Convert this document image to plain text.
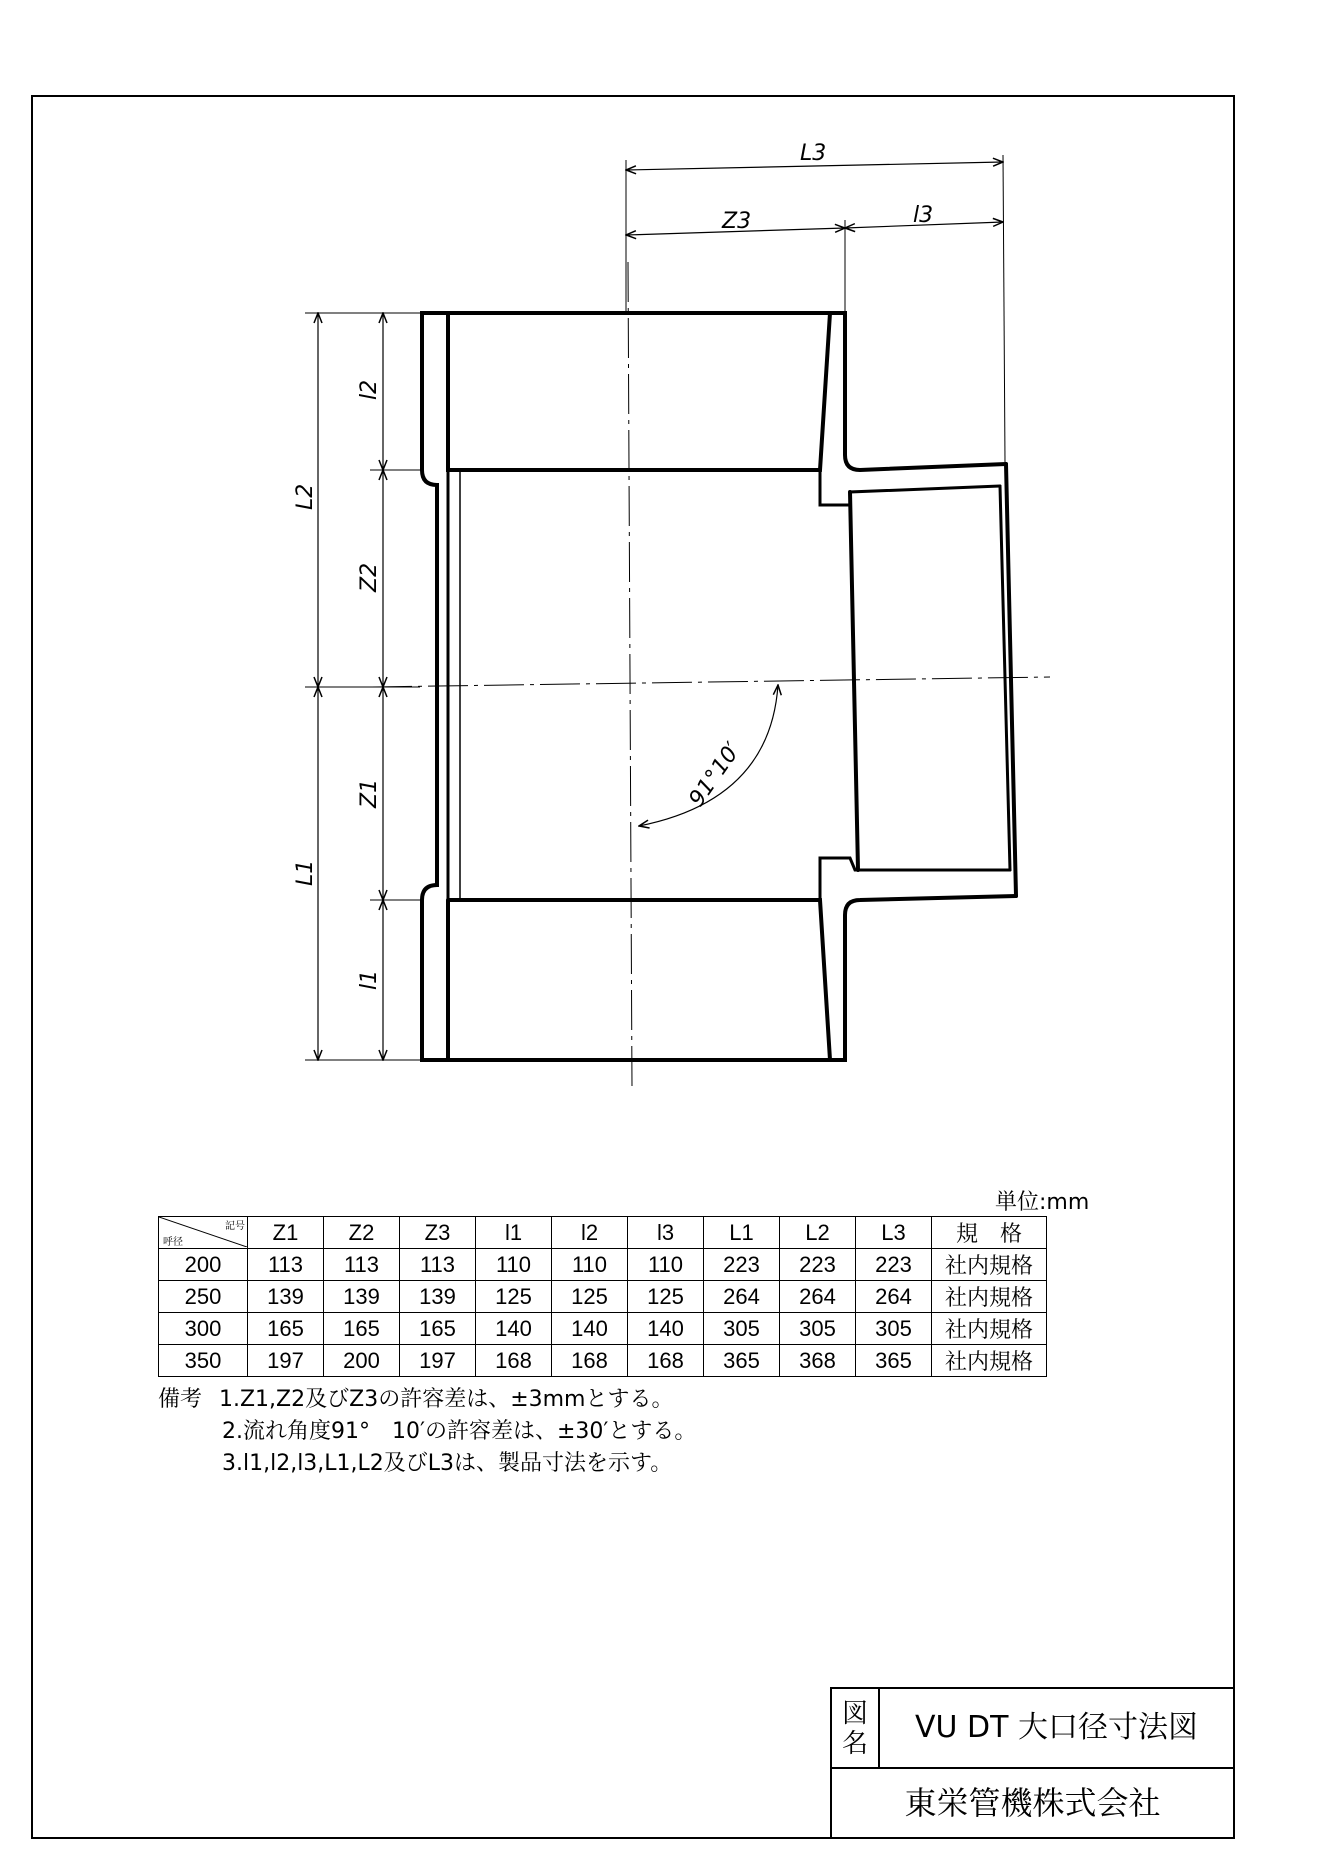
L3
Z3	l3
L2
l2
Z2
L1
Z1
l1
91°10′
単位:mm
記号
呼径	Z1	Z2	Z3	l1	l2	l3	L1	L2	L3	規　格
200	113	113	113	110	110	110	223	223	223	社内規格
250	139	139	139	125	125	125	264	264	264	社内規格
300	165	165	165	140	140	140	305	305	305	社内規格
350	197	200	197	168	168	168	365	368	365	社内規格
備考 1.Z1,Z2及びZ3の許容差は、±3mmとする。
2.流れ角度91°　10′の許容差は、±30′とする。
3.l1,l2,l3,L1,L2及びL3は、製品寸法を示す。
図
名	VU DT 大口径寸法図
東栄管機株式会社
